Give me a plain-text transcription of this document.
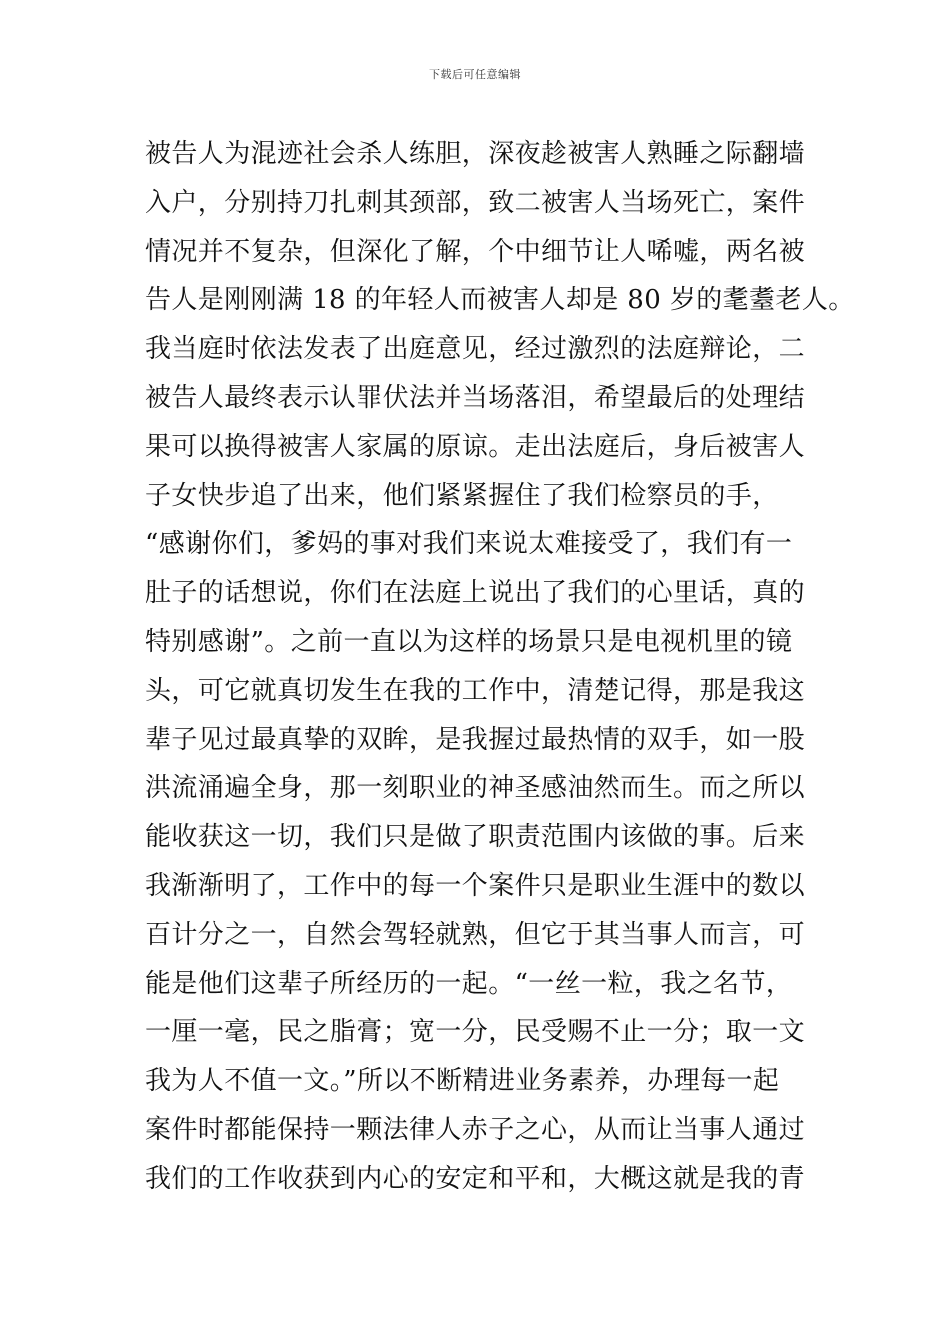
下载后可任意编辑
被告人为混迹社会杀人练胆，深夜趁被害人熟睡之际翻墙
入户，分别持刀扎刺其颈部，致二被害人当场死亡，案件
情况并不复杂，但深化了解，个中细节让人唏嘘，两名被
告人是刚刚满 18 的年轻人而被害人却是 80 岁的耄耋老人。
我当庭时依法发表了出庭意见，经过激烈的法庭辩论，二
被告人最终表示认罪伏法并当场落泪，希望最后的处理结
果可以换得被害人家属的原谅。走出法庭后，身后被害人
子女快步追了出来，他们紧紧握住了我们检察员的手，
“感谢你们，爹妈的事对我们来说太难接受了，我们有一
肚子的话想说，你们在法庭上说出了我们的心里话，真的
特别感谢”。之前一直以为这样的场景只是电视机里的镜
头，可它就真切发生在我的工作中，清楚记得，那是我这
辈子见过最真挚的双眸，是我握过最热情的双手，如一股
洪流涌遍全身，那一刻职业的神圣感油然而生。而之所以
能收获这一切，我们只是做了职责范围内该做的事。后来
我渐渐明了，工作中的每一个案件只是职业生涯中的数以
百计分之一，自然会驾轻就熟，但它于其当事人而言，可
能是他们这辈子所经历的一起。“一丝一粒，我之名节，
一厘一毫，民之脂膏；宽一分，民受赐不止一分；取一文
我为人不值一文。”所以不断精进业务素养，办理每一起
案件时都能保持一颗法律人赤子之心，从而让当事人通过
我们的工作收获到内心的安定和平和，大概这就是我的青
